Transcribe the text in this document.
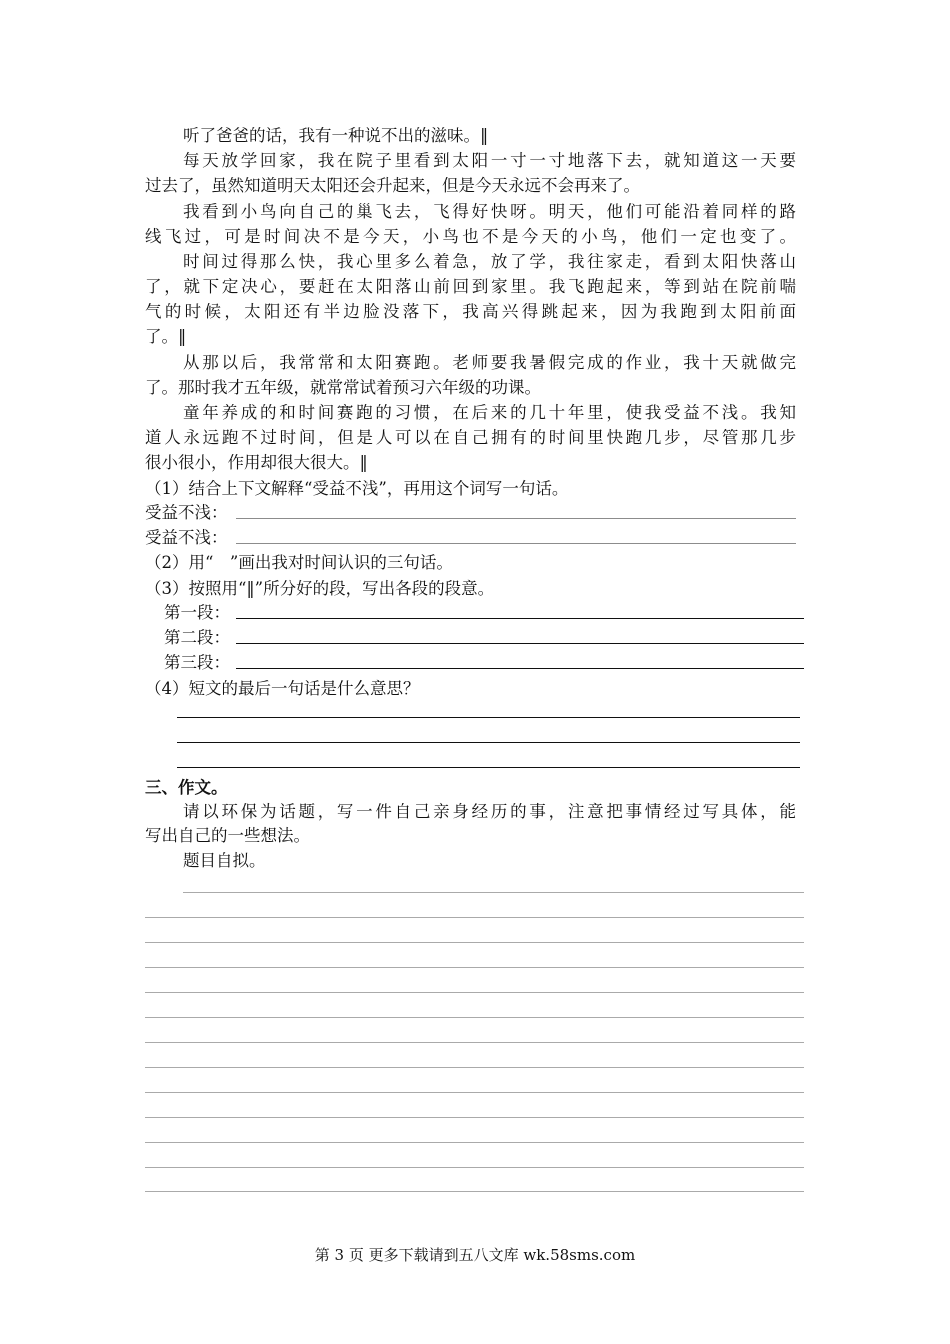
听了爸爸的话，我有一种说不出的滋味。‖
每天放学回家，我在院子里看到太阳一寸一寸地落下去，就知道这一天要
过去了，虽然知道明天太阳还会升起来，但是今天永远不会再来了。
我看到小鸟向自己的巢飞去，飞得好快呀。明天，他们可能沿着同样的路
线飞过，可是时间决不是今天，小鸟也不是今天的小鸟，他们一定也变了。
时间过得那么快，我心里多么着急，放了学，我往家走，看到太阳快落山
了，就下定决心，要赶在太阳落山前回到家里。我飞跑起来，等到站在院前喘
气的时候，太阳还有半边脸没落下，我高兴得跳起来，因为我跑到太阳前面
了。‖
从那以后，我常常和太阳赛跑。老师要我暑假完成的作业，我十天就做完
了。那时我才五年级，就常常试着预习六年级的功课。
童年养成的和时间赛跑的习惯，在后来的几十年里，使我受益不浅。我知
道人永远跑不过时间，但是人可以在自己拥有的时间里快跑几步，尽管那几步
很小很小，作用却很大很大。‖
（1）结合上下文解释“受益不浅”，再用这个词写一句话。
受益不浅：
受益不浅：
（2）用“　”画出我对时间认识的三句话。
（3）按照用“‖”所分好的段，写出各段的段意。
第一段：
第二段：
第三段：
（4）短文的最后一句话是什么意思？
三、作文。
请以环保为话题，写一件自己亲身经历的事，注意把事情经过写具体，能
写出自己的一些想法。
题目自拟。
第 3 页 更多下载请到五八文库 wk.58sms.com
